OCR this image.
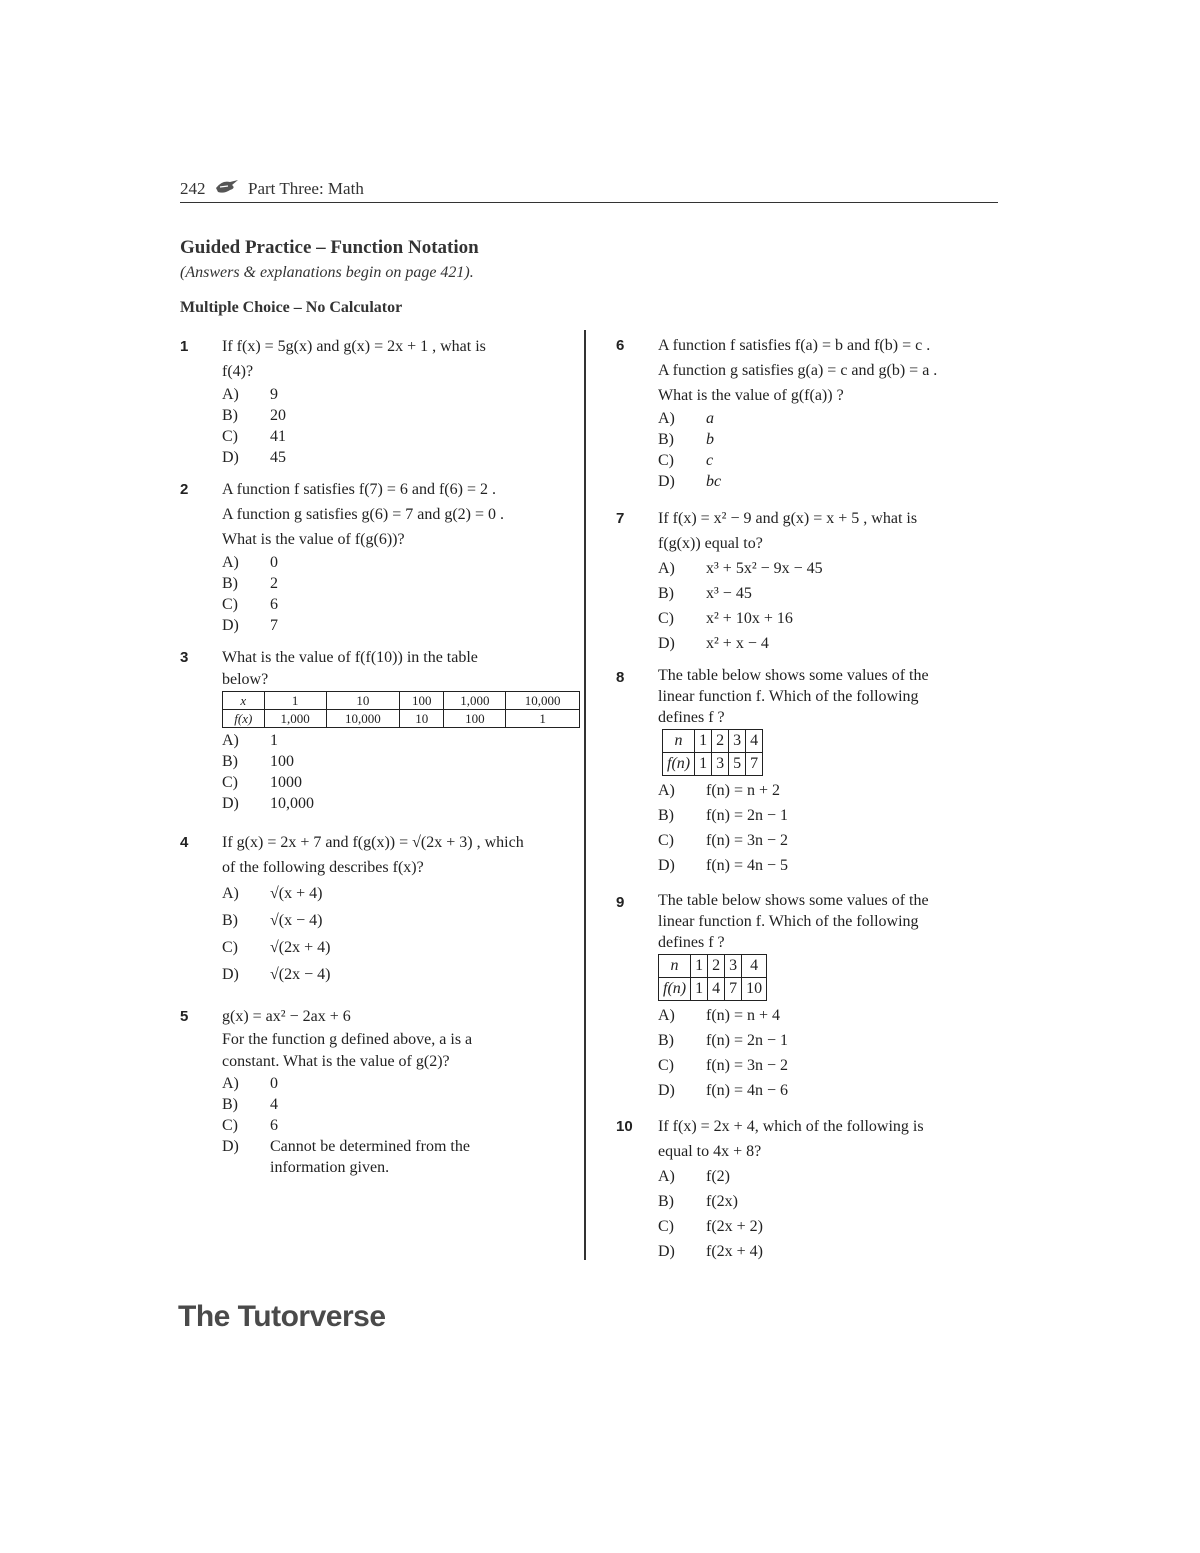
242	Part Three: Math
Guided Practice – Function Notation
(Answers & explanations begin on page 421).
Multiple Choice – No Calculator
1 If f(x) = 5g(x) and g(x) = 2x + 1 , what is
f(4)?
A)	9
B)	20
C)	41
D)	45
2 A function f satisfies f(7) = 6 and f(6) = 2 .
A function g satisfies g(6) = 7 and g(2) = 0 .
What is the value of f(g(6))?
A)	0
B)	2
C)	6
D)	7
3 What is the value of f(f(10)) in the table
below?
x	1	10	100	1,000	10,000
f(x)	1,000	10,000	10	100	1
A)	1
B)	100
C)	1000
D)	10,000
4 If g(x) = 2x + 7 and f(g(x)) = √(2x + 3) , which
of the following describes f(x)?
A)	√(x + 4)
B)	√(x − 4)
C)	√(2x + 4)
D)	√(2x − 4)
5 g(x) = ax² − 2ax + 6
For the function g defined above, a is a
constant. What is the value of g(2)?
A)	0
B)	4
C)	6
D)	Cannot be determined from the
information given.
6 A function f satisfies f(a) = b and f(b) = c .
A function g satisfies g(a) = c and g(b) = a .
What is the value of g(f(a)) ?
A)	a
B)	b
C)	c
D)	bc
7 If f(x) = x² − 9 and g(x) = x + 5 , what is
f(g(x)) equal to?
A)	x³ + 5x² − 9x − 45
B)	x³ − 45
C)	x² + 10x + 16
D)	x² + x − 4
8 The table below shows some values of the
linear function f. Which of the following
defines f ?
n	1	2	3	4
f(n)	1	3	5	7
A)	f(n) = n + 2
B)	f(n) = 2n − 1
C)	f(n) = 3n − 2
D)	f(n) = 4n − 5
9 The table below shows some values of the
linear function f. Which of the following
defines f ?
n	1	2	3	4
f(n)	1	4	7	10
A)	f(n) = n + 4
B)	f(n) = 2n − 1
C)	f(n) = 3n − 2
D)	f(n) = 4n − 6
10 If f(x) = 2x + 4, which of the following is
equal to 4x + 8?
A)	f(2)
B)	f(2x)
C)	f(2x + 2)
D)	f(2x + 4)
The Tutorverse
